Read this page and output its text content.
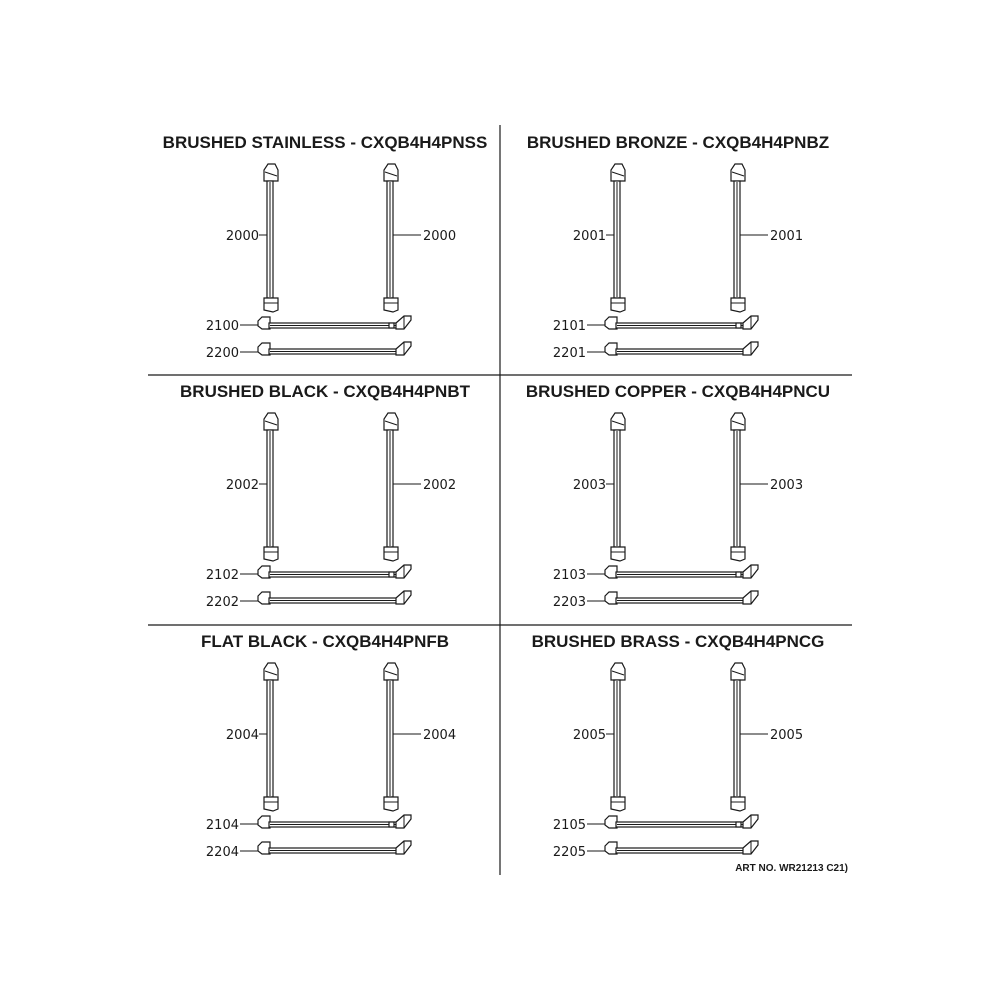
BRUSHED STAINLESS - CXQB4H4PNSS
2000	2000
2100
2200
BRUSHED BRONZE - CXQB4H4PNBZ
2001	2001
2101
2201
BRUSHED BLACK - CXQB4H4PNBT
2002	2002
2102
2202
BRUSHED COPPER - CXQB4H4PNCU
2003	2003
2103
2203
FLAT BLACK - CXQB4H4PNFB
2004	2004
2104
2204
BRUSHED BRASS - CXQB4H4PNCG
2005	2005
2105
2205
ART NO. WR21213 C21)
